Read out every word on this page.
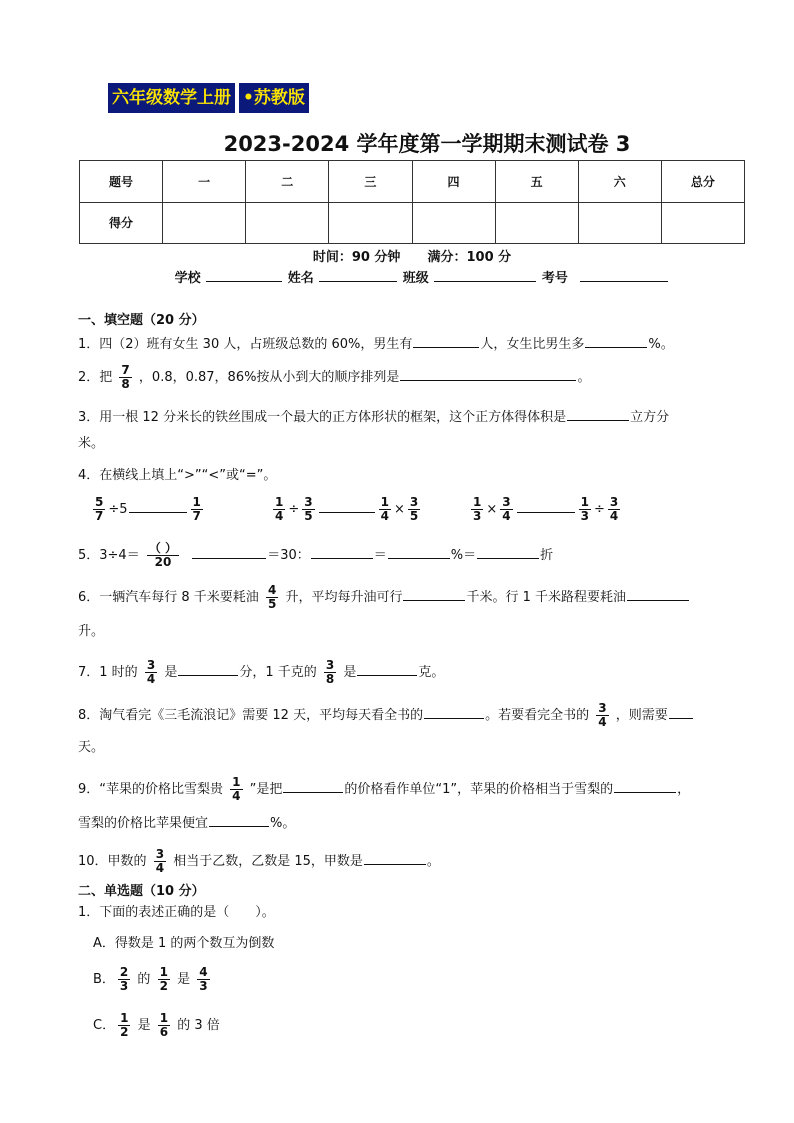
六年级数学上册 •苏教版
2023-2024 学年度第一学期期末测试卷 3
题号	一	二	三	四	五	六	总分
得分							
时间：90 分钟 满分：100 分
学校	姓名	班级	考号
一、填空题（20 分）
1．四（2）班有女生 30 人，占班级总数的 60%，男生有	人，女生比男生多	%。
2．把 $\frac{7}{8}$ ，0.8，0.87，86%按从小到大的顺序排列是	。
3．用一根 12 分米长的铁丝围成一个最大的正方体形状的框架，这个正方体得体积是	立方分
米。
4．在横线上填上“>”“<”或“=”。
$\frac{5}{7} \div 5$	$\frac{1}{7}$	$\frac{1}{4} \div \frac{3}{5}$	$\frac{1}{4} \times \frac{3}{5}$	$\frac{1}{3} \times \frac{3}{4}$	$\frac{1}{3} \div \frac{3}{4}$
5．3÷4＝ （ ）
20	＝30：	＝	%＝	折
6．一辆汽车每行 8 千米要耗油 $\frac{4}{5}$ 升，平均每升油可行	千米。行 1 千米路程要耗油
升。
7．1 时的 $\frac{3}{4}$ 是	分，1 千克的 $\frac{3}{8}$ 是	克。
8．淘气看完《三毛流浪记》需要 12 天，平均每天看全书的	。若要看完全书的 $\frac{3}{4}$ ，则需要
天。
9．“苹果的价格比雪梨贵 $\frac{1}{4}$ ”是把	的价格看作单位“1”，苹果的价格相当于雪梨的	，
雪梨的价格比苹果便宜	%。
10．甲数的 $\frac{3}{4}$ 相当于乙数，乙数是 15，甲数是	。
二、单选题（10 分）
1．下面的表述正确的是（　　）。
A．得数是 1 的两个数互为倒数
B． $\frac{2}{3}$ 的 $\frac{1}{2}$ 是 $\frac{4}{3}$
C． $\frac{1}{2}$ 是 $\frac{1}{6}$ 的 3 倍
